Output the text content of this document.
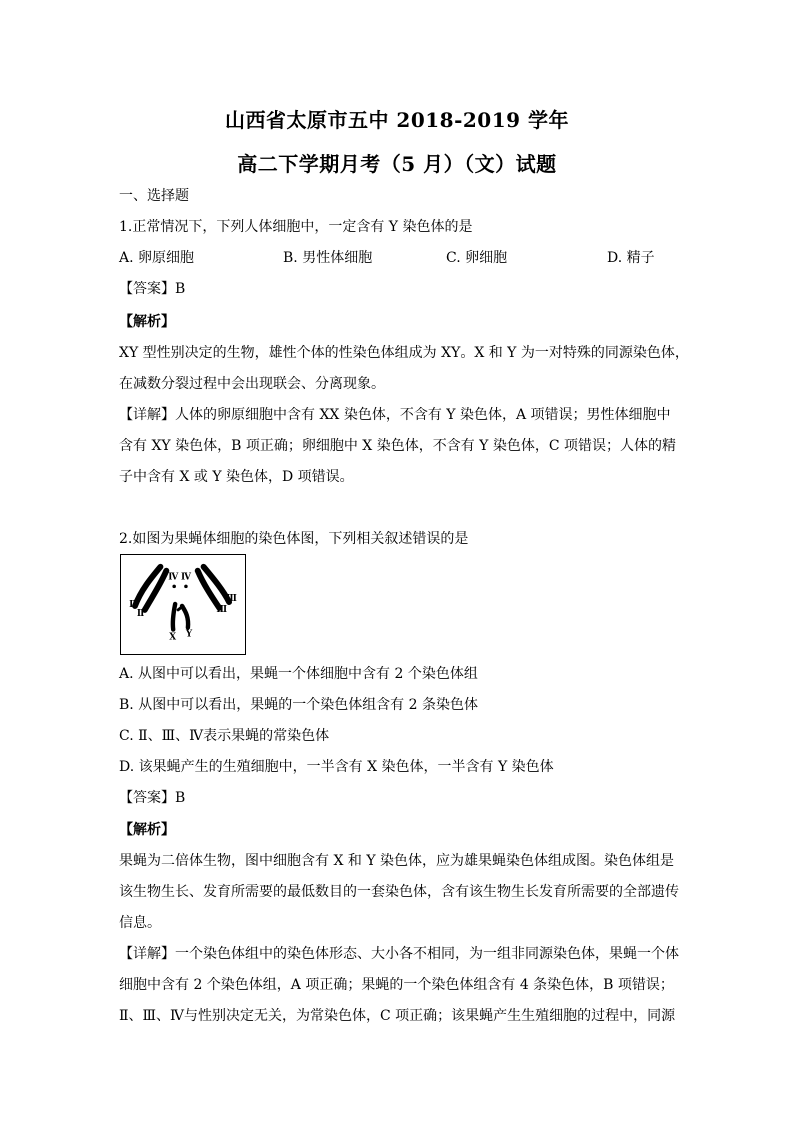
山西省太原市五中 2018-2019 学年
高二下学期月考（5 月）（文）试题
一、选择题
1.正常情况下，下列人体细胞中，一定含有 Y 染色体的是
A. 卵原细胞	B. 男性体细胞	C. 卵细胞	D. 精子
【答案】B
【解析】
XY 型性别决定的生物，雄性个体的性染色体组成为 XY。X 和 Y 为一对特殊的同源染色体，
在减数分裂过程中会出现联会、分离现象。
【详解】人体的卵原细胞中含有 XX 染色体，不含有 Y 染色体，A 项错误；男性体细胞中
含有 XY 染色体，B 项正确；卵细胞中 X 染色体，不含有 Y 染色体，C 项错误；人体的精
子中含有 X 或 Y 染色体，D 项错误。
2.如图为果蝇体细胞的染色体图，下列相关叙述错误的是
Ⅳ Ⅳ
Ⅱ
Ⅱ
Ⅲ
Ⅲ
X Y
A. 从图中可以看出，果蝇一个体细胞中含有 2 个染色体组
B. 从图中可以看出，果蝇的一个染色体组含有 2 条染色体
C. Ⅱ、Ⅲ、Ⅳ表示果蝇的常染色体
D. 该果蝇产生的生殖细胞中，一半含有 X 染色体，一半含有 Y 染色体
【答案】B
【解析】
果蝇为二倍体生物，图中细胞含有 X 和 Y 染色体，应为雄果蝇染色体组成图。染色体组是
该生物生长、发育所需要的最低数目的一套染色体，含有该生物生长发育所需要的全部遗传
信息。
【详解】一个染色体组中的染色体形态、大小各不相同，为一组非同源染色体，果蝇一个体
细胞中含有 2 个染色体组，A 项正确；果蝇的一个染色体组含有 4 条染色体，B 项错误；
Ⅱ、Ⅲ、Ⅳ与性别决定无关，为常染色体，C 项正确；该果蝇产生生殖细胞的过程中，同源
